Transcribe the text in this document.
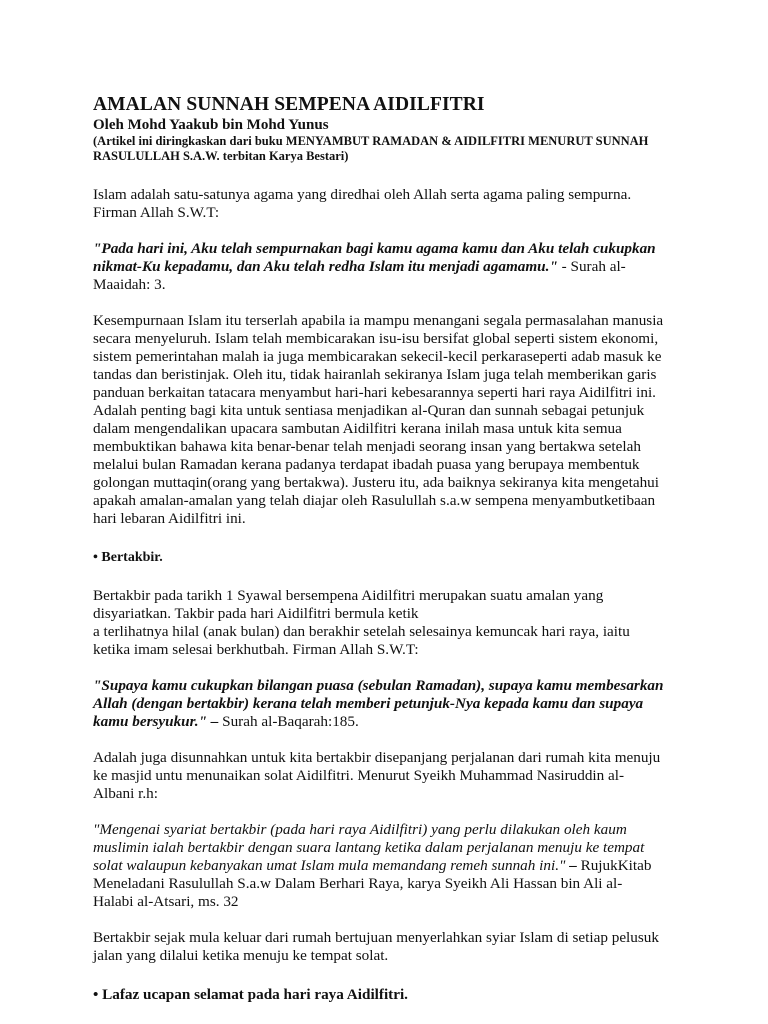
AMALAN SUNNAH SEMPENA AIDILFITRI
Oleh Mohd Yaakub bin Mohd Yunus
(Artikel ini diringkaskan dari buku MENYAMBUT RAMADAN & AIDILFITRI MENURUT SUNNAH
RASULULLAH S.A.W. terbitan Karya Bestari)
Islam adalah satu-satunya agama yang diredhai oleh Allah serta agama paling sempurna.
Firman Allah S.W.T:
"Pada hari ini, Aku telah sempurnakan bagi kamu agama kamu dan Aku telah cukupkan
nikmat-Ku kepadamu, dan Aku telah redha Islam itu menjadi agamamu." - Surah al-
Maaidah: 3.
Kesempurnaan Islam itu terserlah apabila ia mampu menangani segala permasalahan manusia
secara menyeluruh. Islam telah membicarakan isu-isu bersifat global seperti sistem ekonomi,
sistem pemerintahan malah ia juga membicarakan sekecil-kecil perkaraseperti adab masuk ke
tandas dan beristinjak. Oleh itu, tidak hairanlah sekiranya Islam juga telah memberikan garis
panduan berkaitan tatacara menyambut hari-hari kebesarannya seperti hari raya Aidilfitri ini.
Adalah penting bagi kita untuk sentiasa menjadikan al-Quran dan sunnah sebagai petunjuk
dalam mengendalikan upacara sambutan Aidilfitri kerana inilah masa untuk kita semua
membuktikan bahawa kita benar-benar telah menjadi seorang insan yang bertakwa setelah
melalui bulan Ramadan kerana padanya terdapat ibadah puasa yang berupaya membentuk
golongan muttaqin(orang yang bertakwa). Justeru itu, ada baiknya sekiranya kita mengetahui
apakah amalan-amalan yang telah diajar oleh Rasulullah s.a.w sempena menyambutketibaan
hari lebaran Aidilfitri ini.
• Bertakbir.
Bertakbir pada tarikh 1 Syawal bersempena Aidilfitri merupakan suatu amalan yang
disyariatkan. Takbir pada hari Aidilfitri bermula ketik
a terlihatnya hilal (anak bulan) dan berakhir setelah selesainya kemuncak hari raya, iaitu
ketika imam selesai berkhutbah. Firman Allah S.W.T:
"Supaya kamu cukupkan bilangan puasa (sebulan Ramadan), supaya kamu membesarkan
Allah (dengan bertakbir) kerana telah memberi petunjuk-Nya kepada kamu dan supaya
kamu bersyukur." – Surah al-Baqarah:185.
Adalah juga disunnahkan untuk kita bertakbir disepanjang perjalanan dari rumah kita menuju
ke masjid untu menunaikan solat Aidilfitri. Menurut Syeikh Muhammad Nasiruddin al-
Albani r.h:
"Mengenai syariat bertakbir (pada hari raya Aidilfitri) yang perlu dilakukan oleh kaum
muslimin ialah bertakbir dengan suara lantang ketika dalam perjalanan menuju ke tempat
solat walaupun kebanyakan umat Islam mula memandang remeh sunnah ini." – RujukKitab
Meneladani Rasulullah S.a.w Dalam Berhari Raya, karya Syeikh Ali Hassan bin Ali al-
Halabi al-Atsari, ms. 32
Bertakbir sejak mula keluar dari rumah bertujuan menyerlahkan syiar Islam di setiap pelusuk
jalan yang dilalui ketika menuju ke tempat solat.
• Lafaz ucapan selamat pada hari raya Aidilfitri.
